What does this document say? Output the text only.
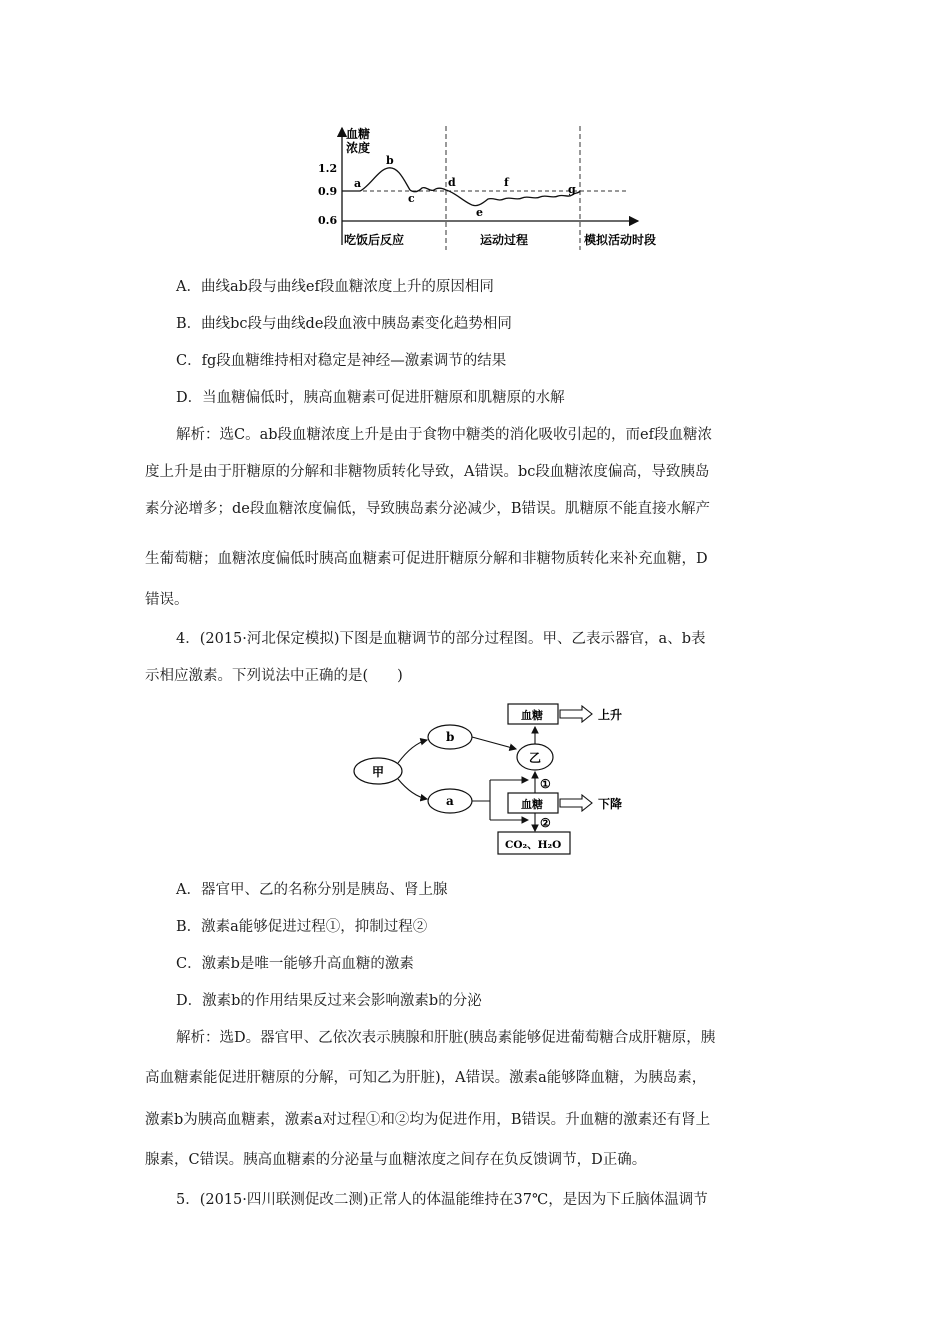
血糖
浓度
1.2
0.9
0.6
a
b
c
d
e
f
g
吃饭后反应	运动过程	模拟活动时段
A．曲线ab段与曲线ef段血糖浓度上升的原因相同
B．曲线bc段与曲线de段血液中胰岛素变化趋势相同
C．fg段血糖维持相对稳定是神经—激素调节的结果
D．当血糖偏低时，胰高血糖素可促进肝糖原和肌糖原的水解
解析：选C。ab段血糖浓度上升是由于食物中糖类的消化吸收引起的，而ef段血糖浓
度上升是由于肝糖原的分解和非糖物质转化导致，A错误。bc段血糖浓度偏高，导致胰岛
素分泌增多；de段血糖浓度偏低，导致胰岛素分泌减少，B错误。肌糖原不能直接水解产
生葡萄糖；血糖浓度偏低时胰高血糖素可促进肝糖原分解和非糖物质转化来补充血糖，D
错误。
4．(2015·河北保定模拟)下图是血糖调节的部分过程图。甲、乙表示器官，a、b表
示相应激素。下列说法中正确的是(　　)
甲
b
a
乙
血糖	上升
血糖	下降
①
②
CO₂、H₂O
A．器官甲、乙的名称分别是胰岛、肾上腺
B．激素a能够促进过程①，抑制过程②
C．激素b是唯一能够升高血糖的激素
D．激素b的作用结果反过来会影响激素b的分泌
解析：选D。器官甲、乙依次表示胰腺和肝脏(胰岛素能够促进葡萄糖合成肝糖原，胰
高血糖素能促进肝糖原的分解，可知乙为肝脏)，A错误。激素a能够降血糖，为胰岛素，
激素b为胰高血糖素，激素a对过程①和②均为促进作用，B错误。升血糖的激素还有肾上
腺素，C错误。胰高血糖素的分泌量与血糖浓度之间存在负反馈调节，D正确。
5．(2015·四川联测促改二测)正常人的体温能维持在37℃，是因为下丘脑体温调节
